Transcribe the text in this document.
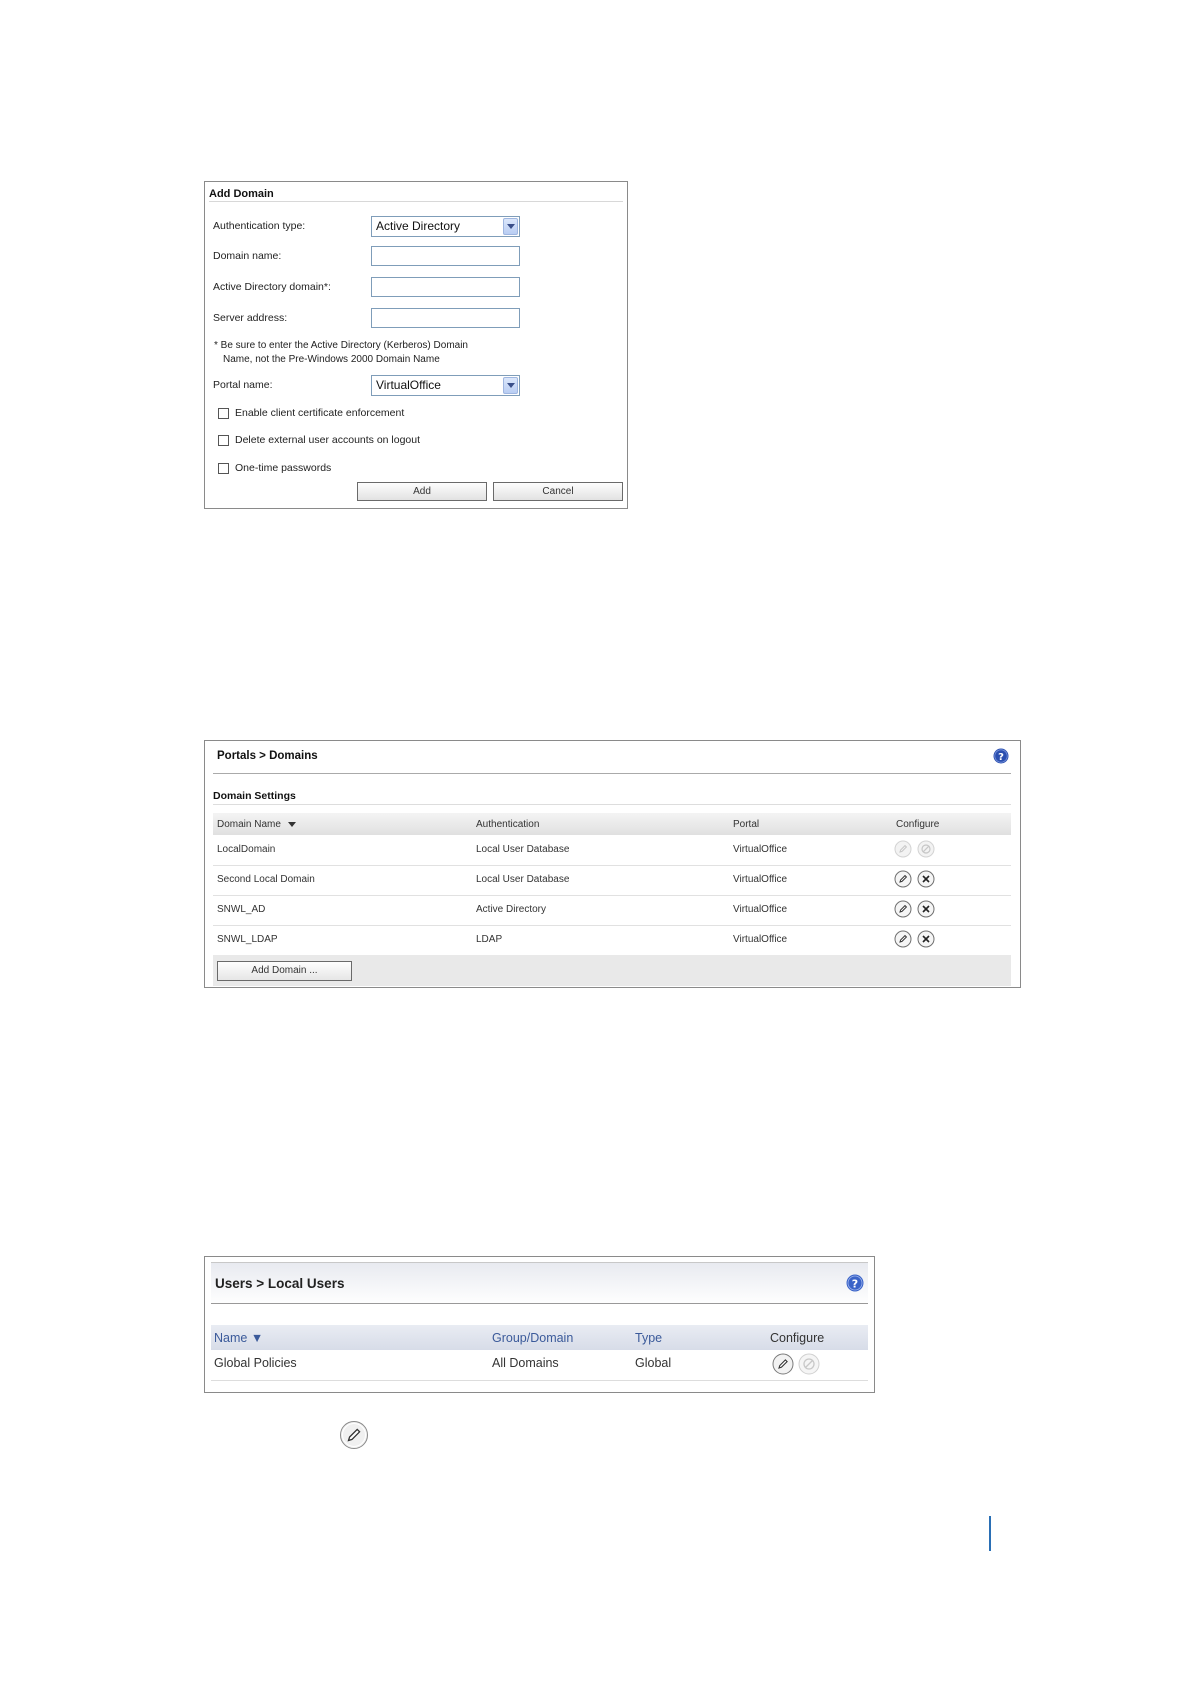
Add Domain
Authentication type:	Active Directory
Domain name:
Active Directory domain*:
Server address:
* Be sure to enter the Active Directory (Kerberos) Domain
Name, not the Pre-Windows 2000 Domain Name
Portal name:	VirtualOffice
Enable client certificate enforcement
Delete external user accounts on logout
One-time passwords
Add	Cancel
Portals > Domains	?
Domain Settings
Domain Name	Authentication	Portal	Configure
LocalDomain	Local User Database	VirtualOffice
Second Local Domain	Local User Database	VirtualOffice
SNWL_AD	Active Directory	VirtualOffice
SNWL_LDAP	LDAP	VirtualOffice
Add Domain ...
Users > Local Users	?
Name ▼	Group/Domain	Type	Configure
Global Policies	All Domains	Global
